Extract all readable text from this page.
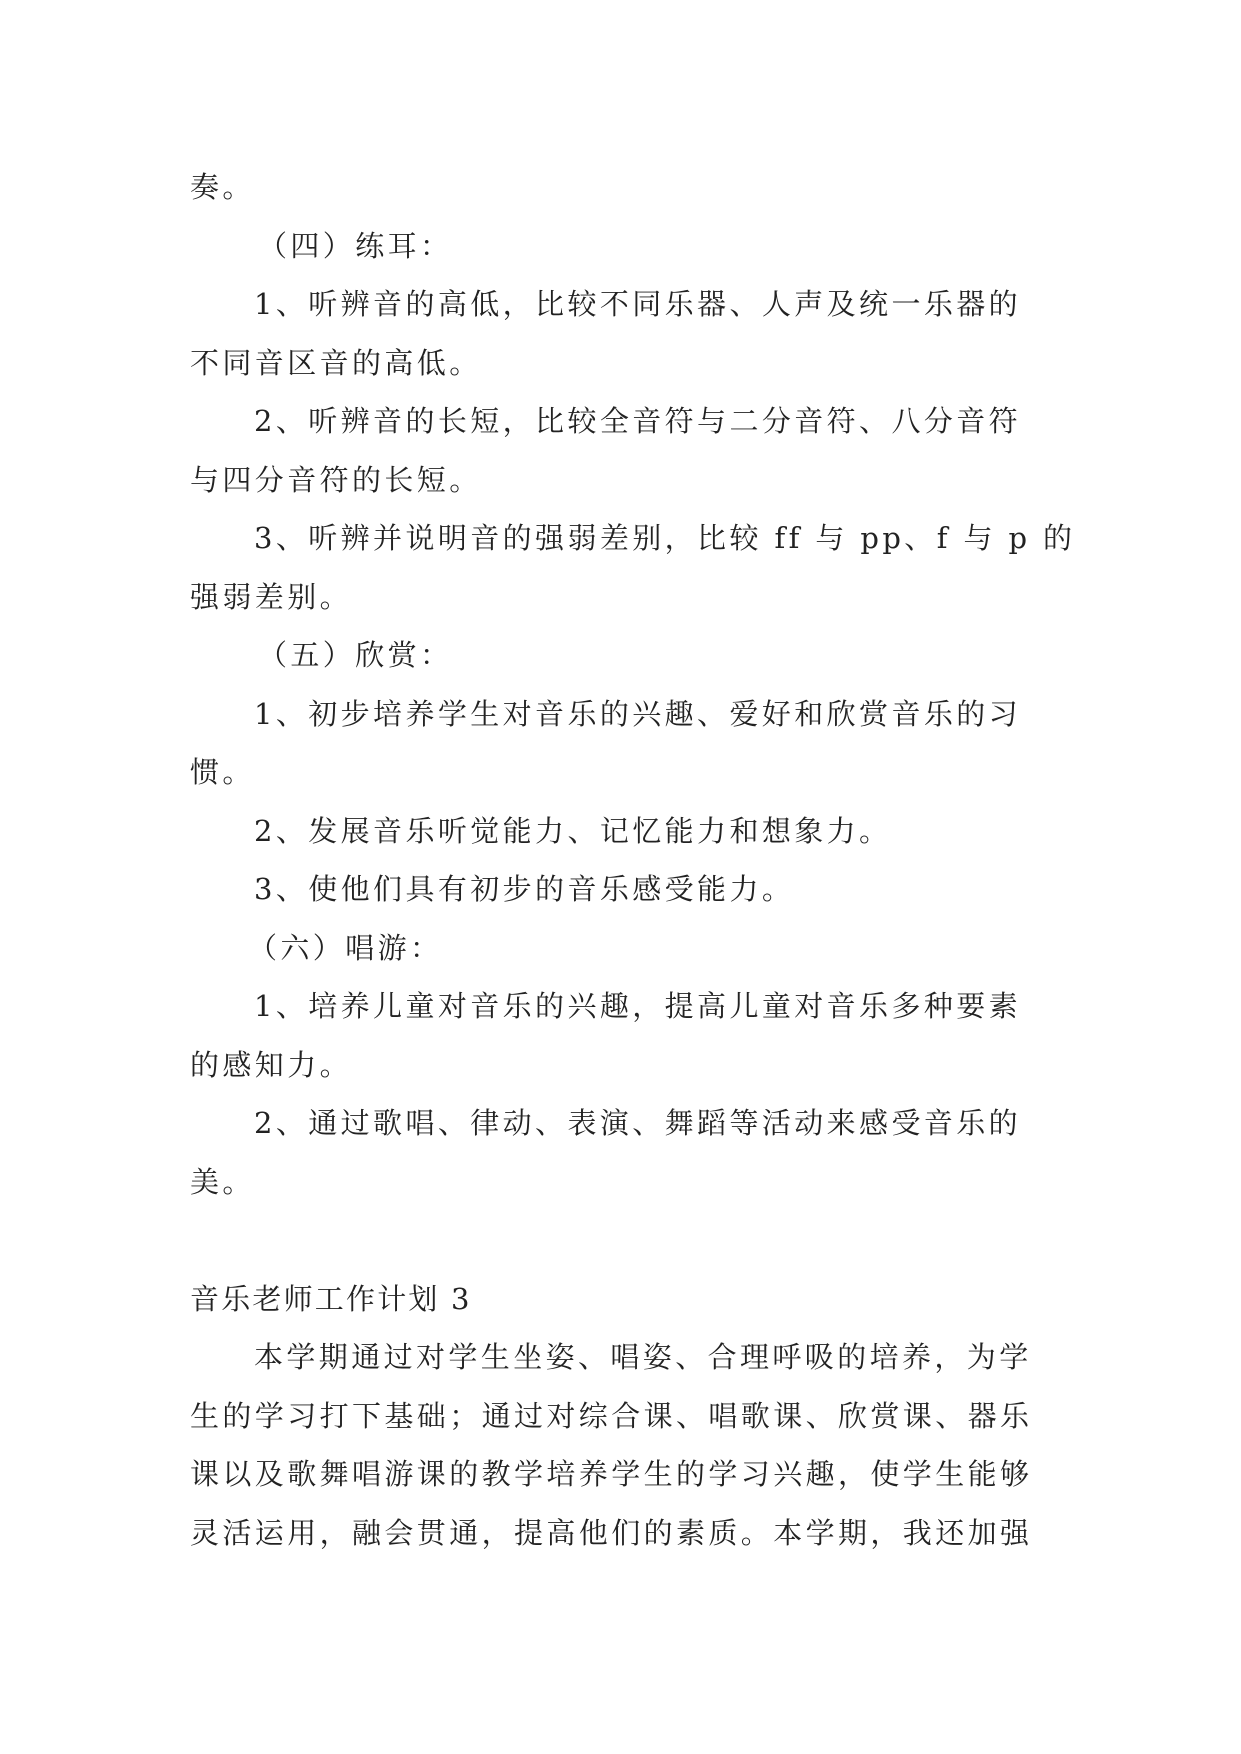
奏。
（四）练耳：
1、听辨音的高低，比较不同乐器、人声及统一乐器的
不同音区音的高低。
2、听辨音的长短，比较全音符与二分音符、八分音符
与四分音符的长短。
3、听辨并说明音的强弱差别，比较 ff 与 pp、f 与 p 的
强弱差别。
（五）欣赏：
1、初步培养学生对音乐的兴趣、爱好和欣赏音乐的习
惯。
2、发展音乐听觉能力、记忆能力和想象力。
3、使他们具有初步的音乐感受能力。
（六）唱游：
1、培养儿童对音乐的兴趣，提高儿童对音乐多种要素
的感知力。
2、通过歌唱、律动、表演、舞蹈等活动来感受音乐的
美。
音乐老师工作计划 3
本学期通过对学生坐姿、唱姿、合理呼吸的培养，为学
生的学习打下基础；通过对综合课、唱歌课、欣赏课、器乐
课以及歌舞唱游课的教学培养学生的学习兴趣，使学生能够
灵活运用，融会贯通，提高他们的素质。本学期，我还加强
